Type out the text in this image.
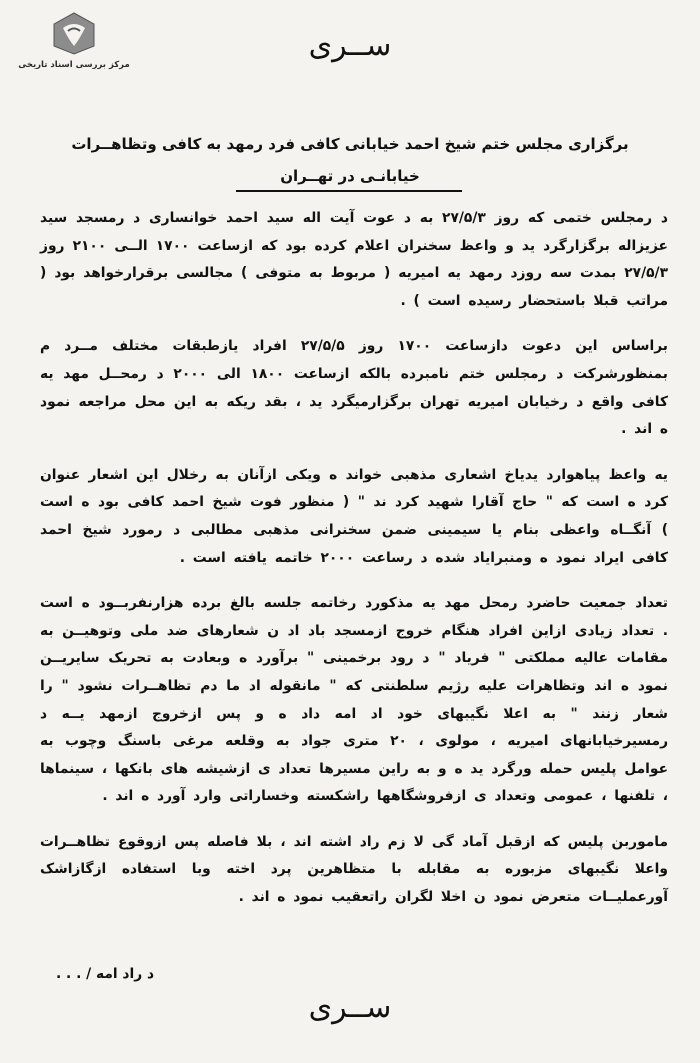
مرکز بررسی اسناد تاریخی
ســری
برگزاری مجلس ختم شیخ احمد خیابانی کافی فرد رمهد به کافی وتظاهــرات
خیابانـی در تهــران

د رمجلس ختمی که روز ۲۷/۵/۳ به د عوت آیت اله سید احمد خوانساری د رمسجد سید عزیزاله برگزارگرد ید و واعظ سخنران اعلام کرده بود که ازساعت ۱۷۰۰ الــی ۲۱۰۰ روز ۲۷/۵/۳ بمدت سه روزد رمهد یه امیریه ( مربوط به متوفی ) مجالسی برقرارخواهد بود ( مراتب قبلا باستحضار رسیده است ) .

براساس این دعوت دازساعت ۱۷۰۰ روز ۲۷/۵/۵ افراد یازطبقات مختلف مــرد م بمنظورشرکت د رمجلس ختم نامبرده بالکه ازساعت ۱۸۰۰ الی ۲۰۰۰ د رمحــل مهد یه کافی واقع د رخیابان امیریه تهران برگزارمیگرد ید ، بقد ریکه به این محل مراجعه نمود ه اند .

یه واعظ پیاهوارد یدیاخ اشعاری مذهبی خواند ه ویکی ازآنان به رخلال این اشعار عنوان کرد ه است که " حاج آقارا شهید کرد ند " ( منظور فوت شیخ احمد کافی بود ه است ) آنگــاه واعظی بنام یا سیمینی ضمن سخنرانی مذهبی مطالبی د رمورد شیخ احمد کافی ایراد نمود ه ومنبرایاد شده د رساعت ۲۰۰۰ خاتمه یافته است .

تعداد جمعیت حاضرد رمحل مهد یه مذکورد رخاتمه جلسه بالغ برده هزارنفربــود ه است . تعداد زیادی ازاین افراد هنگام خروج ازمسجد باد اد ن شعارهای ضد ملی وتوهیــن به مقامات عالیه مملکتی " فریاد " د رود برخمینی " برآورد ه وبعادت به تحریک سایریــن نمود ه اند وتظاهرات علیه رژیم سلطنتی که " مانقوله اد ما دم تظاهــرات نشود " را شعار زنند " به اعلا نگیبهای خود اد امه داد ه و پس ازخروج ازمهد یــه د رمسیرخیابانهای امیریه ، مولوی ، ۲۰ متری جواد به وقلعه مرغی باسنگ وچوب به عوامل پلیس حمله ورگرد ید ه و به راین مسیرها تعداد ی ازشیشه های بانکها ، سینماها ، تلفنها ، عمومی وتعداد ی ازفروشگاهها راشکسته وخساراتی وارد آورد ه اند .

ماموربن پلیس که ازقبل آماد گی لا زم راد اشته اند ، بلا فاصله پس ازوقوع تظاهــرات واعلا نگیبهای مزبوره به مقابله با متظاهرین پرد اخته وبا استفاده ازگازاشک آورعملیــات متعرض نمود ن اخلا لگران راتعقیب نمود ه اند .

د راد امه / . . .
ســری
